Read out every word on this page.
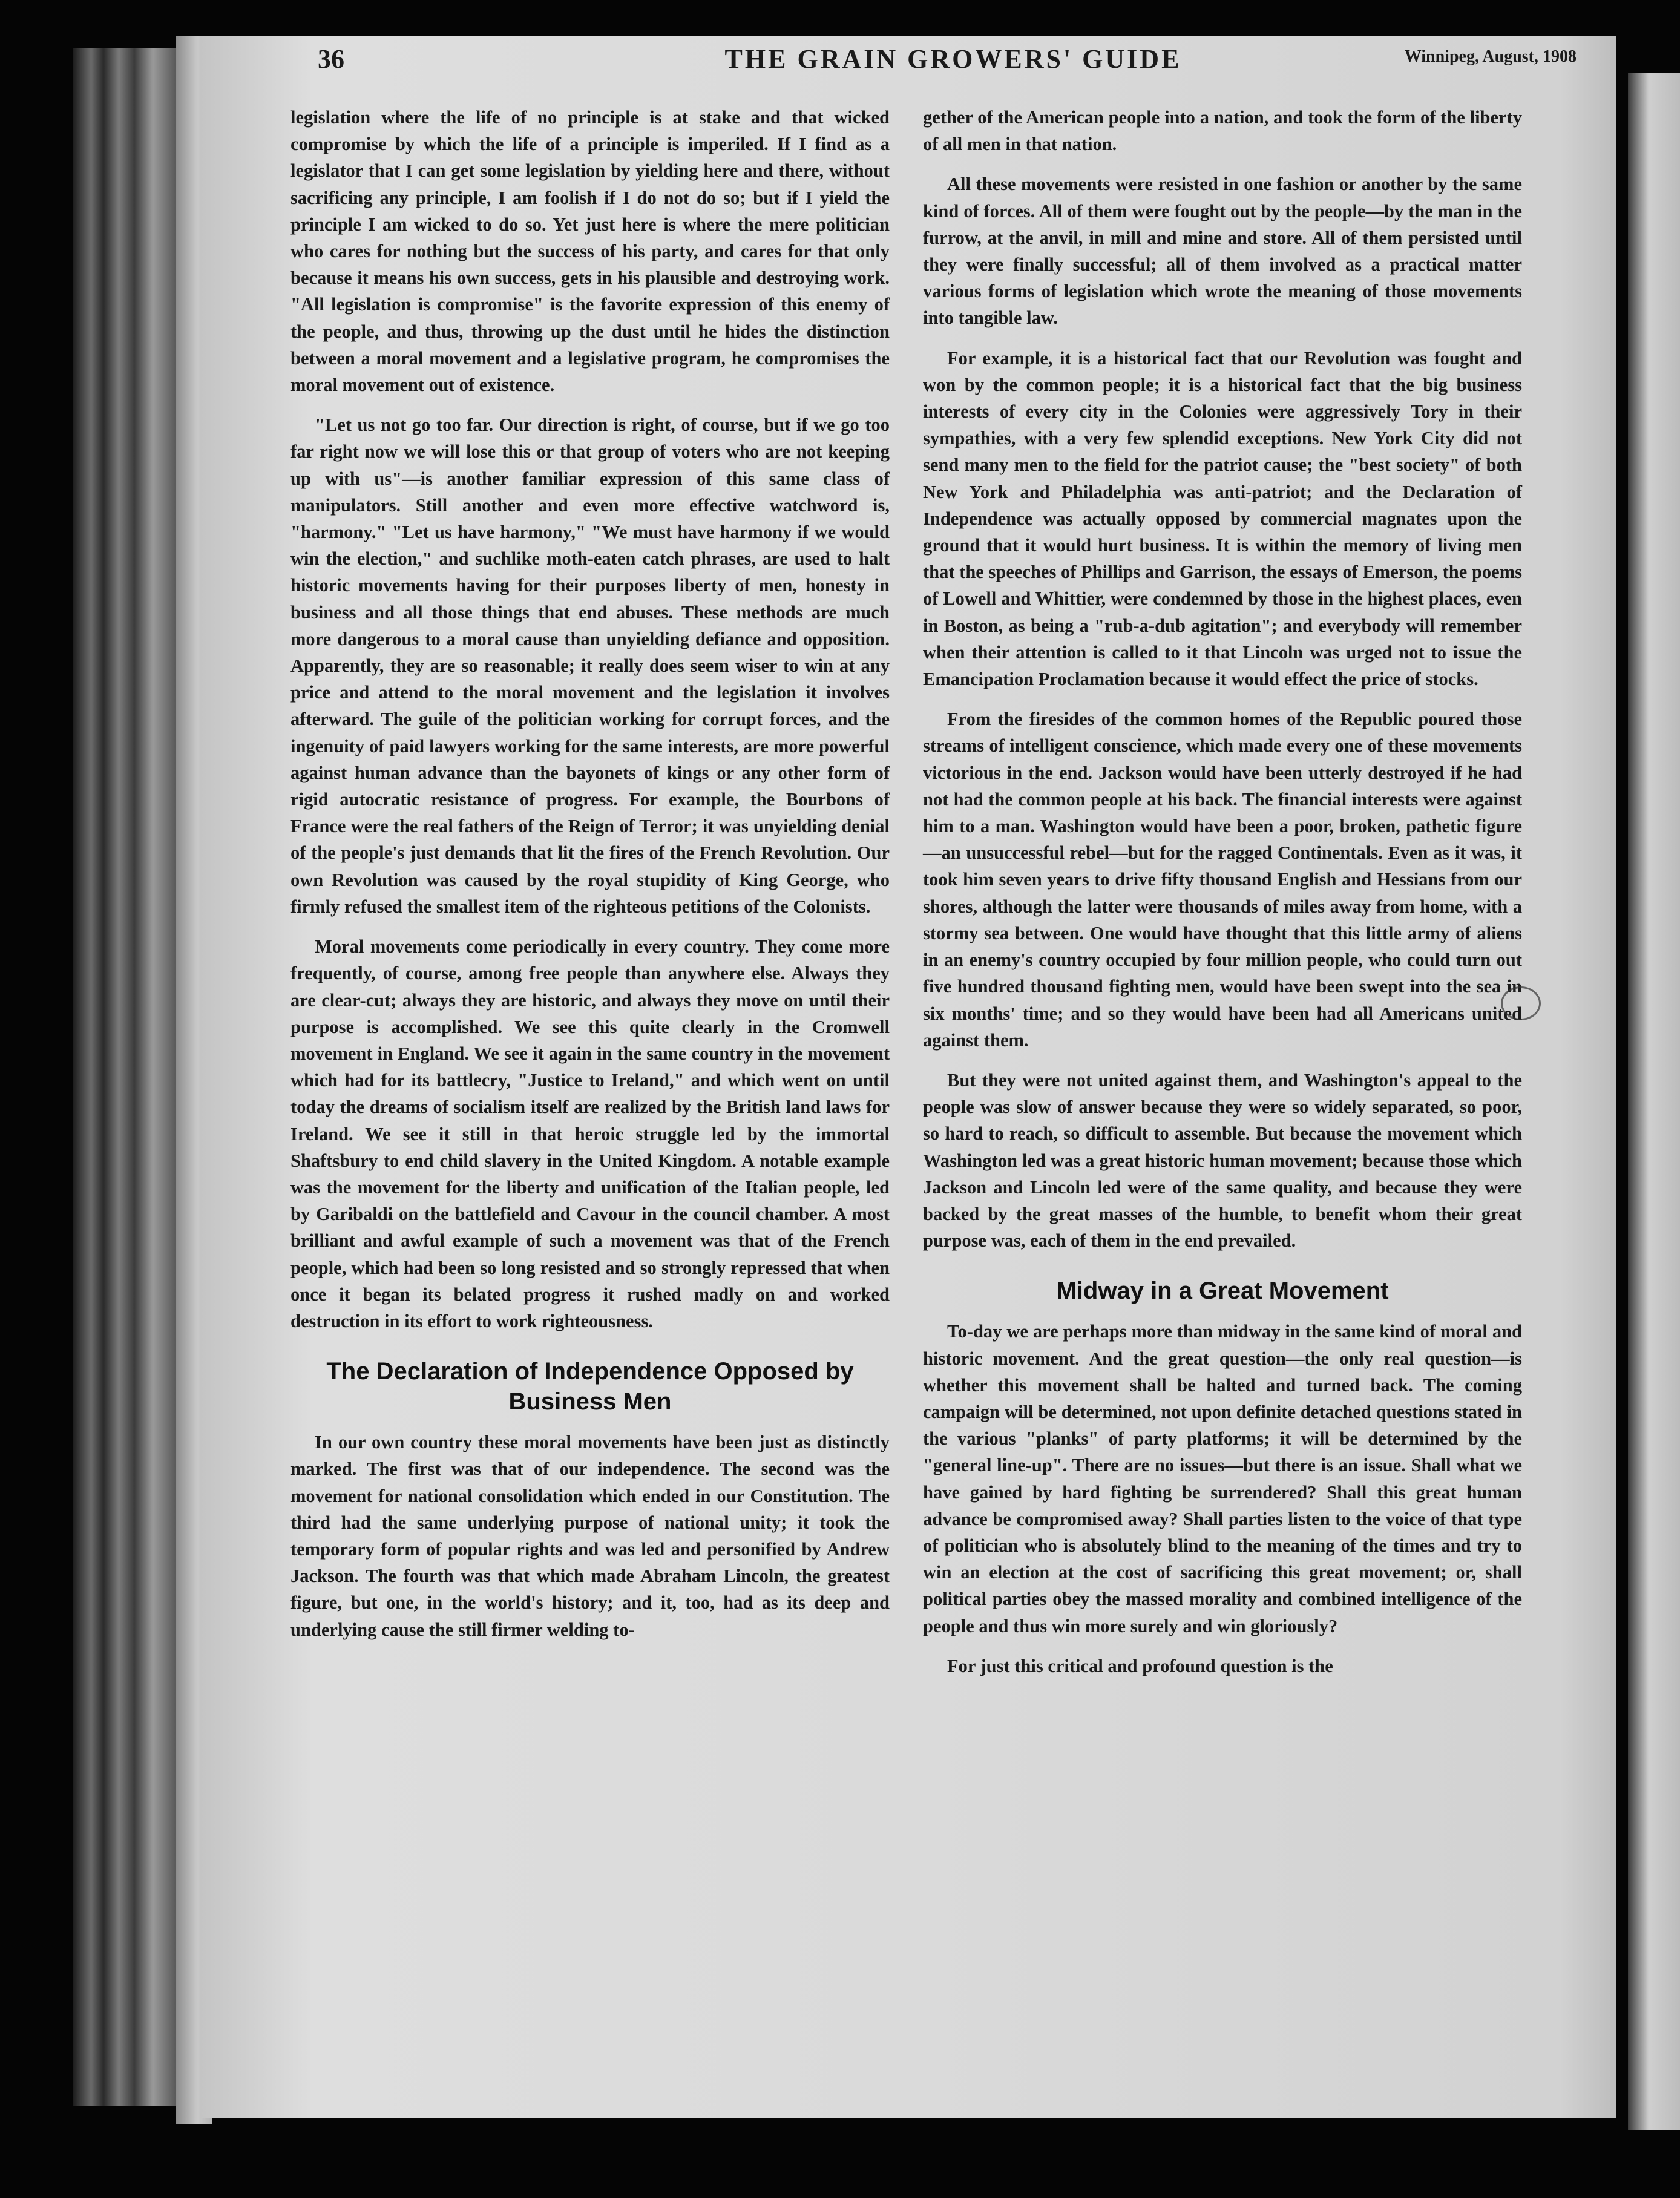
36	THE GRAIN GROWERS' GUIDE	Winnipeg, August, 1908

legislation where the life of no principle is at stake and that wicked compromise by which the life of a principle is imperiled. If I find as a legislator that I can get some legislation by yielding here and there, without sacrificing any principle, I am foolish if I do not do so; but if I yield the principle I am wicked to do so. Yet just here is where the mere politician who cares for nothing but the success of his party, and cares for that only because it means his own success, gets in his plausible and destroying work. "All legislation is compromise" is the favorite expression of this enemy of the people, and thus, throwing up the dust until he hides the distinction between a moral movement and a legislative program, he compromises the moral movement out of existence.

"Let us not go too far. Our direction is right, of course, but if we go too far right now we will lose this or that group of voters who are not keeping up with us"—is another familiar expression of this same class of manipulators. Still another and even more effective watchword is, "harmony." "Let us have harmony," "We must have harmony if we would win the election," and suchlike moth-eaten catch phrases, are used to halt historic movements having for their purposes liberty of men, honesty in business and all those things that end abuses. These methods are much more dangerous to a moral cause than unyielding defiance and opposition. Apparently, they are so reasonable; it really does seem wiser to win at any price and attend to the moral movement and the legislation it involves afterward. The guile of the politician working for corrupt forces, and the ingenuity of paid lawyers working for the same interests, are more powerful against human advance than the bayonets of kings or any other form of rigid autocratic resistance of progress. For example, the Bourbons of France were the real fathers of the Reign of Terror; it was unyielding denial of the people's just demands that lit the fires of the French Revolution. Our own Revolution was caused by the royal stupidity of King George, who firmly refused the smallest item of the righteous petitions of the Colonists.

Moral movements come periodically in every country. They come more frequently, of course, among free people than anywhere else. Always they are clear-cut; always they are historic, and always they move on until their purpose is accomplished. We see this quite clearly in the Cromwell movement in England. We see it again in the same country in the movement which had for its battlecry, "Justice to Ireland," and which went on until today the dreams of socialism itself are realized by the British land laws for Ireland. We see it still in that heroic struggle led by the immortal Shaftsbury to end child slavery in the United Kingdom. A notable example was the movement for the liberty and unification of the Italian people, led by Garibaldi on the battlefield and Cavour in the council chamber. A most brilliant and awful example of such a movement was that of the French people, which had been so long resisted and so strongly repressed that when once it began its belated progress it rushed madly on and worked destruction in its effort to work righteousness.

The Declaration of Independence Opposed by Business Men

In our own country these moral movements have been just as distinctly marked. The first was that of our independence. The second was the movement for national consolidation which ended in our Constitution. The third had the same underlying purpose of national unity; it took the temporary form of popular rights and was led and personified by Andrew Jackson. The fourth was that which made Abraham Lincoln, the greatest figure, but one, in the world's history; and it, too, had as its deep and underlying cause the still firmer welding to-

gether of the American people into a nation, and took the form of the liberty of all men in that nation.

All these movements were resisted in one fashion or another by the same kind of forces. All of them were fought out by the people—by the man in the furrow, at the anvil, in mill and mine and store. All of them persisted until they were finally successful; all of them involved as a practical matter various forms of legislation which wrote the meaning of those movements into tangible law.

For example, it is a historical fact that our Revolution was fought and won by the common people; it is a historical fact that the big business interests of every city in the Colonies were aggressively Tory in their sympathies, with a very few splendid exceptions. New York City did not send many men to the field for the patriot cause; the "best society" of both New York and Philadelphia was anti-patriot; and the Declaration of Independence was actually opposed by commercial magnates upon the ground that it would hurt business. It is within the memory of living men that the speeches of Phillips and Garrison, the essays of Emerson, the poems of Lowell and Whittier, were condemned by those in the highest places, even in Boston, as being a "rub-a-dub agitation"; and everybody will remember when their attention is called to it that Lincoln was urged not to issue the Emancipation Proclamation because it would effect the price of stocks.

From the firesides of the common homes of the Republic poured those streams of intelligent conscience, which made every one of these movements victorious in the end. Jackson would have been utterly destroyed if he had not had the common people at his back. The financial interests were against him to a man. Washington would have been a poor, broken, pathetic figure—an unsuccessful rebel—but for the ragged Continentals. Even as it was, it took him seven years to drive fifty thousand English and Hessians from our shores, although the latter were thousands of miles away from home, with a stormy sea between. One would have thought that this little army of aliens in an enemy's country occupied by four million people, who could turn out five hundred thousand fighting men, would have been swept into the sea in six months' time; and so they would have been had all Americans united against them.

But they were not united against them, and Washington's appeal to the people was slow of answer because they were so widely separated, so poor, so hard to reach, so difficult to assemble. But because the movement which Washington led was a great historic human movement; because those which Jackson and Lincoln led were of the same quality, and because they were backed by the great masses of the humble, to benefit whom their great purpose was, each of them in the end prevailed.

Midway in a Great Movement

To-day we are perhaps more than midway in the same kind of moral and historic movement. And the great question—the only real question—is whether this movement shall be halted and turned back. The coming campaign will be determined, not upon definite detached questions stated in the various "planks" of party platforms; it will be determined by the "general line-up". There are no issues—but there is an issue. Shall what we have gained by hard fighting be surrendered? Shall this great human advance be compromised away? Shall parties listen to the voice of that type of politician who is absolutely blind to the meaning of the times and try to win an election at the cost of sacrificing this great movement; or, shall political parties obey the massed morality and combined intelligence of the people and thus win more surely and win gloriously?

For just this critical and profound question is the
